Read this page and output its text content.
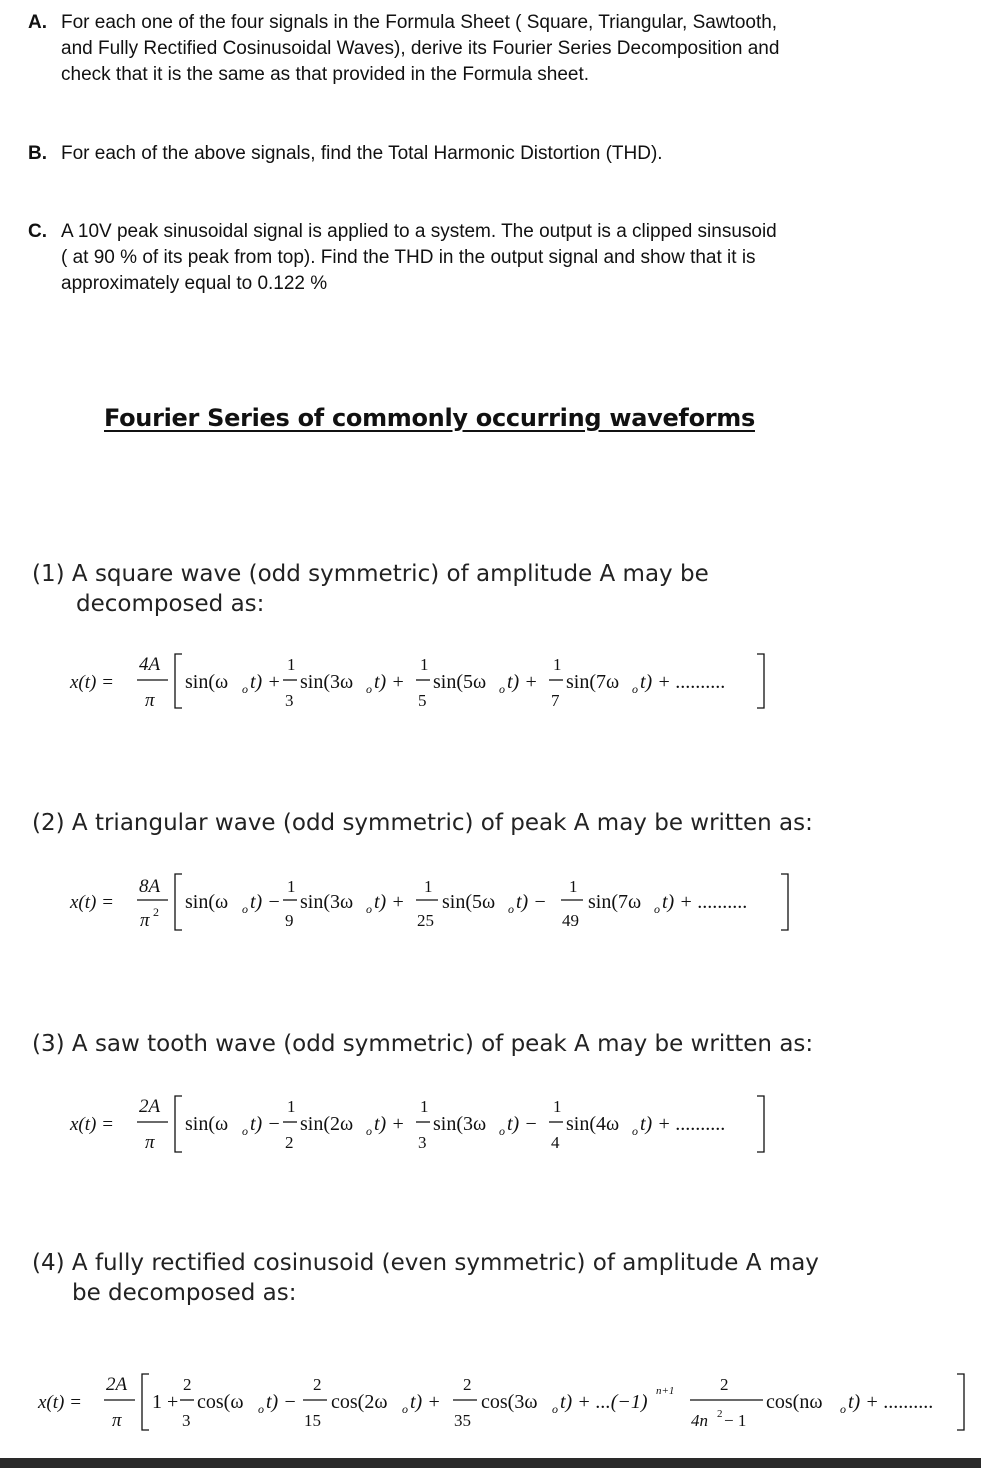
A. For each one of the four signals in the Formula Sheet ( Square, Triangular, Sawtooth,
and Fully Rectified Cosinusoidal Waves), derive its Fourier Series Decomposition and
check that it is the same as that provided in the Formula sheet.
B. For each of the above signals, find the Total Harmonic Distortion (THD).
C. A 10V peak sinusoidal signal is applied to a system. The output is a clipped sinsusoid
( at 90 % of its peak from top). Find the THD in the output signal and show that it is
approximately equal to 0.122 %
Fourier Series of commonly occurring waveforms
(1) A square wave (odd symmetric) of amplitude A may be
decomposed as:
x(t) =
4A
π
sin(ω o t) +
1
3
sin(3ω o t) +
1
5
sin(5ω o t) +
1
7
sin(7ω o t) + ..........
(2) A triangular wave (odd symmetric) of peak A may be written as:
x(t) =
8A
π 2 sin(ω o t) −
1
9
sin(3ω o t) +
1
25
sin(5ω o t) −
1
49
sin(7ω o t) + ..........
(3) A saw tooth wave (odd symmetric) of peak A may be written as:
x(t) =
2A
π
sin(ω o t) −
1
2
sin(2ω o t) +
1
3
sin(3ω o t) −
1
4
sin(4ω o t) + ..........
(4) A fully rectified cosinusoid (even symmetric) of amplitude A may
be decomposed as:
x(t) =
2A
π
1 +
2
3
cos(ω o t) −
2
15
cos(2ω o t) +
2
35
cos(3ω o t) + ...(−1) n+1	2
4n 2 − 1
cos(nω o t) + ..........
